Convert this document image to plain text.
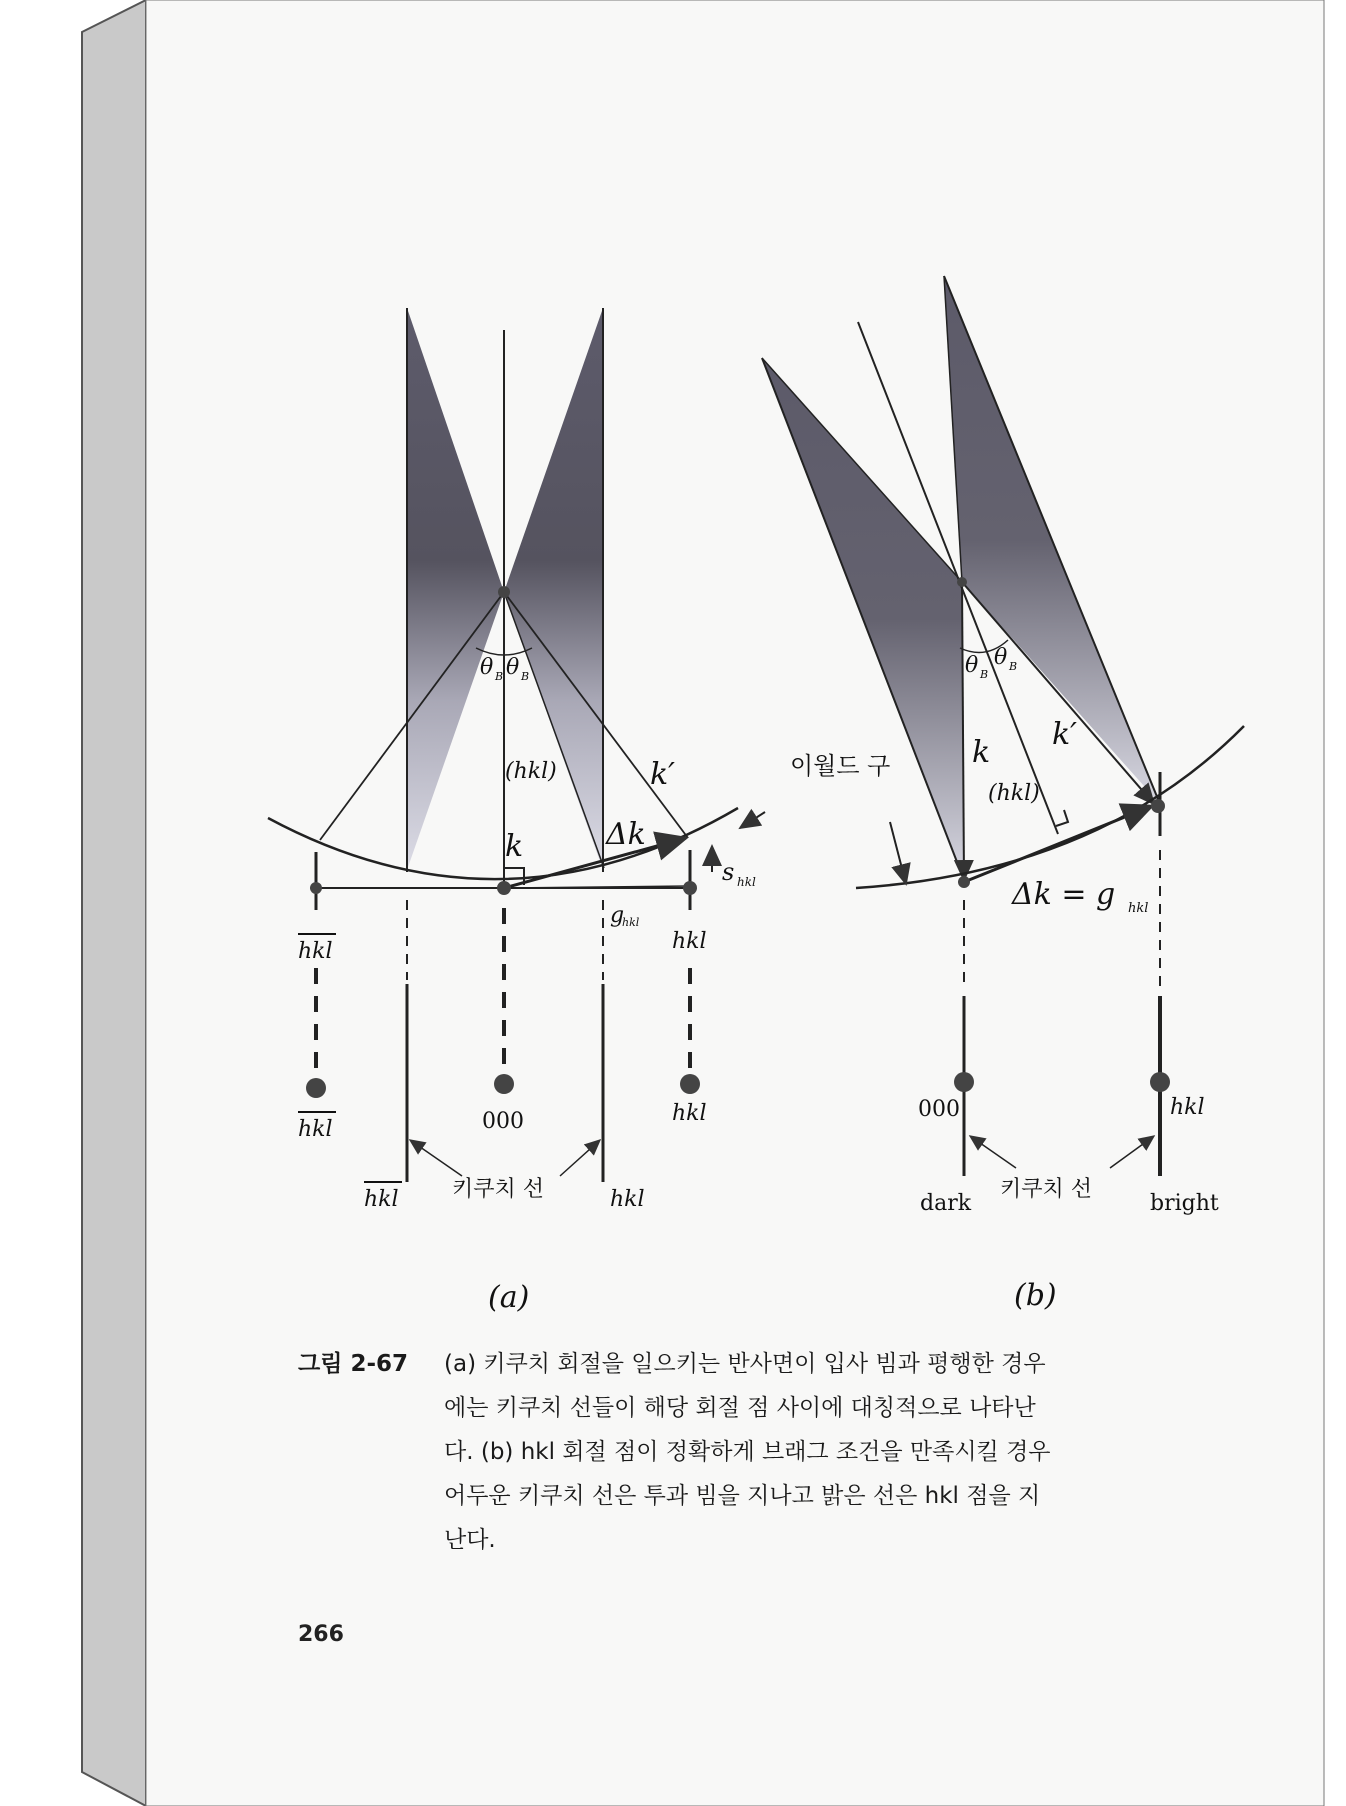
θ B θ B
(hkl)
k
k′
Δk
s hkl
g
hkl
hkl	hkl
hkl	000	hkl
hkl 키쿠치 선	hkl
θ B
θ B
k
k′
(hkl)
이월드 구
Δk = g hkl
000	hkl
dark
키쿠치 선
bright
(a)	(b)
그림 2-67 (a) 키쿠치 회절을 일으키는 반사면이 입사 빔과 평행한 경우
에는 키쿠치 선들이 해당 회절 점 사이에 대칭적으로 나타난
다. (b) hkl 회절 점이 정확하게 브래그 조건을 만족시킬 경우
어두운 키쿠치 선은 투과 빔을 지나고 밝은 선은 hkl 점을 지
난다.
266
